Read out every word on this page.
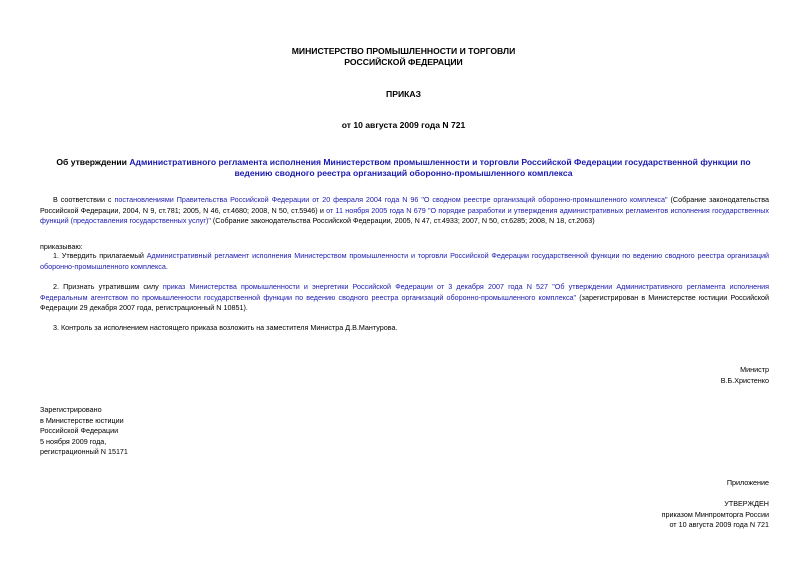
МИНИСТЕРСТВО ПРОМЫШЛЕННОСТИ И ТОРГОВЛИ
РОССИЙСКОЙ ФЕДЕРАЦИИ
ПРИКАЗ
от 10 августа 2009 года N 721
Об утверждении Административного регламента исполнения Министерством промышленности и торговли Российской Федерации государственной функции по
ведению сводного реестра организаций оборонно-промышленного комплекса
В соответствии с постановлениями Правительства Российской Федерации от 20 февраля 2004 года N 96 "О сводном реестре организаций оборонно-промышленного комплекса" (Собрание законодательства Российской Федерации, 2004, N 9, ст.781; 2005, N 46, ст.4680; 2008, N 50, ст.5946) и от 11 ноября 2005 года N 679 "О порядке разработки и утверждения административных регламентов исполнения государственных функций (предоставления государственных услуг)" (Собрание законодательства Российской Федерации, 2005, N 47, ст.4933; 2007, N 50, ст.6285; 2008, N 18, ст.2063)
приказываю:
1. Утвердить прилагаемый Административный регламент исполнения Министерством промышленности и торговли Российской Федерации государственной функции по ведению сводного реестра организаций оборонно-промышленного комплекса.
2. Признать утратившим силу приказ Министерства промышленности и энергетики Российской Федерации от 3 декабря 2007 года N 527 "Об утверждении Административного регламента исполнения Федеральным агентством по промышленности государственной функции по ведению сводного реестра организаций оборонно-промышленного комплекса" (зарегистрирован в Министерстве юстиции Российской Федерации 29 декабря 2007 года, регистрационный N 10851).
3. Контроль за исполнением настоящего приказа возложить на заместителя Министра Д.В.Мантурова.
Министр
В.Б.Христенко
Зарегистрировано
в Министерстве юстиции
Российской Федерации
5 ноября 2009 года,
регистрационный N 15171
Приложение
УТВЕРЖДЕН
приказом Минпромторга России
от 10 августа 2009 года N 721
